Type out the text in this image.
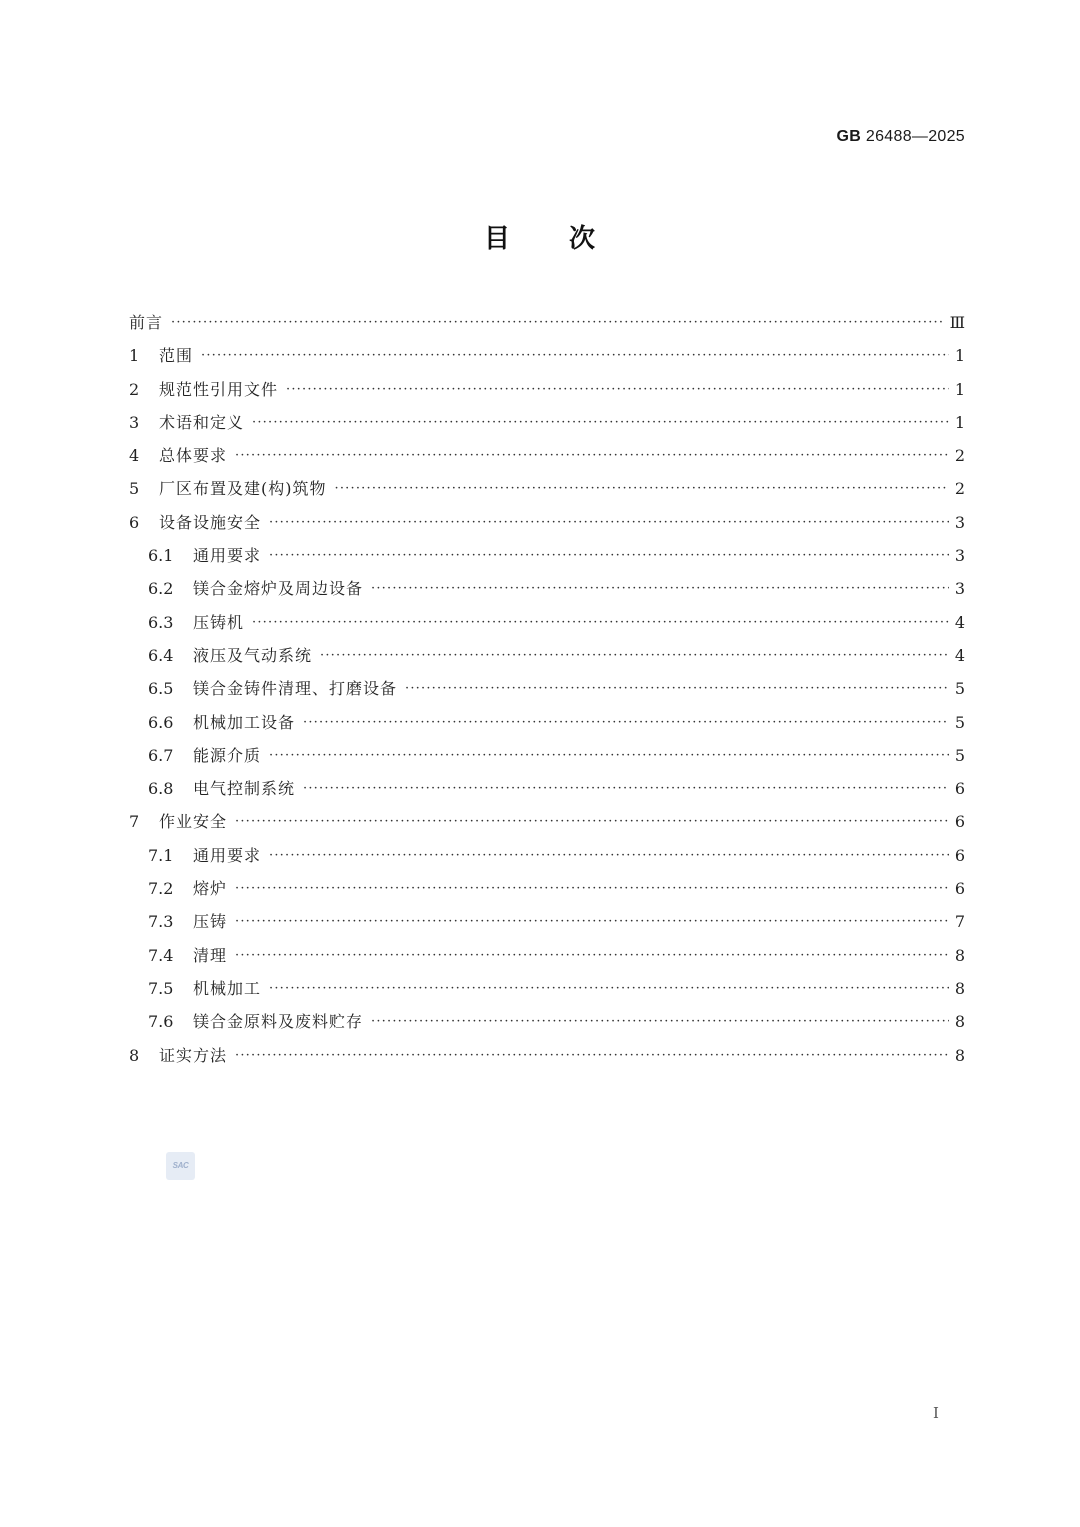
GB 26488—2025
目 次
前言 ·····	Ⅲ
1	范围 ·····	1
2	规范性引用文件 ·····	1
3	术语和定义 ·····	1
4	总体要求 ·····	2
5	厂区布置及建(构)筑物 ·····	2
6	设备设施安全 ·····	3
6.1	通用要求 ·····	3
6.2	镁合金熔炉及周边设备 ·····	3
6.3	压铸机 ·····	4
6.4	液压及气动系统 ·····	4
6.5	镁合金铸件清理、打磨设备 ·····	5
6.6	机械加工设备 ·····	5
6.7	能源介质 ·····	5
6.8	电气控制系统 ·····	6
7	作业安全 ·····	6
7.1	通用要求 ·····	6
7.2	熔炉 ·····	6
7.3	压铸 ·····	7
7.4	清理 ·····	8
7.5	机械加工 ·····	8
7.6	镁合金原料及废料贮存 ·····	8
8	证实方法 ·····	8
SAC
Ⅰ
